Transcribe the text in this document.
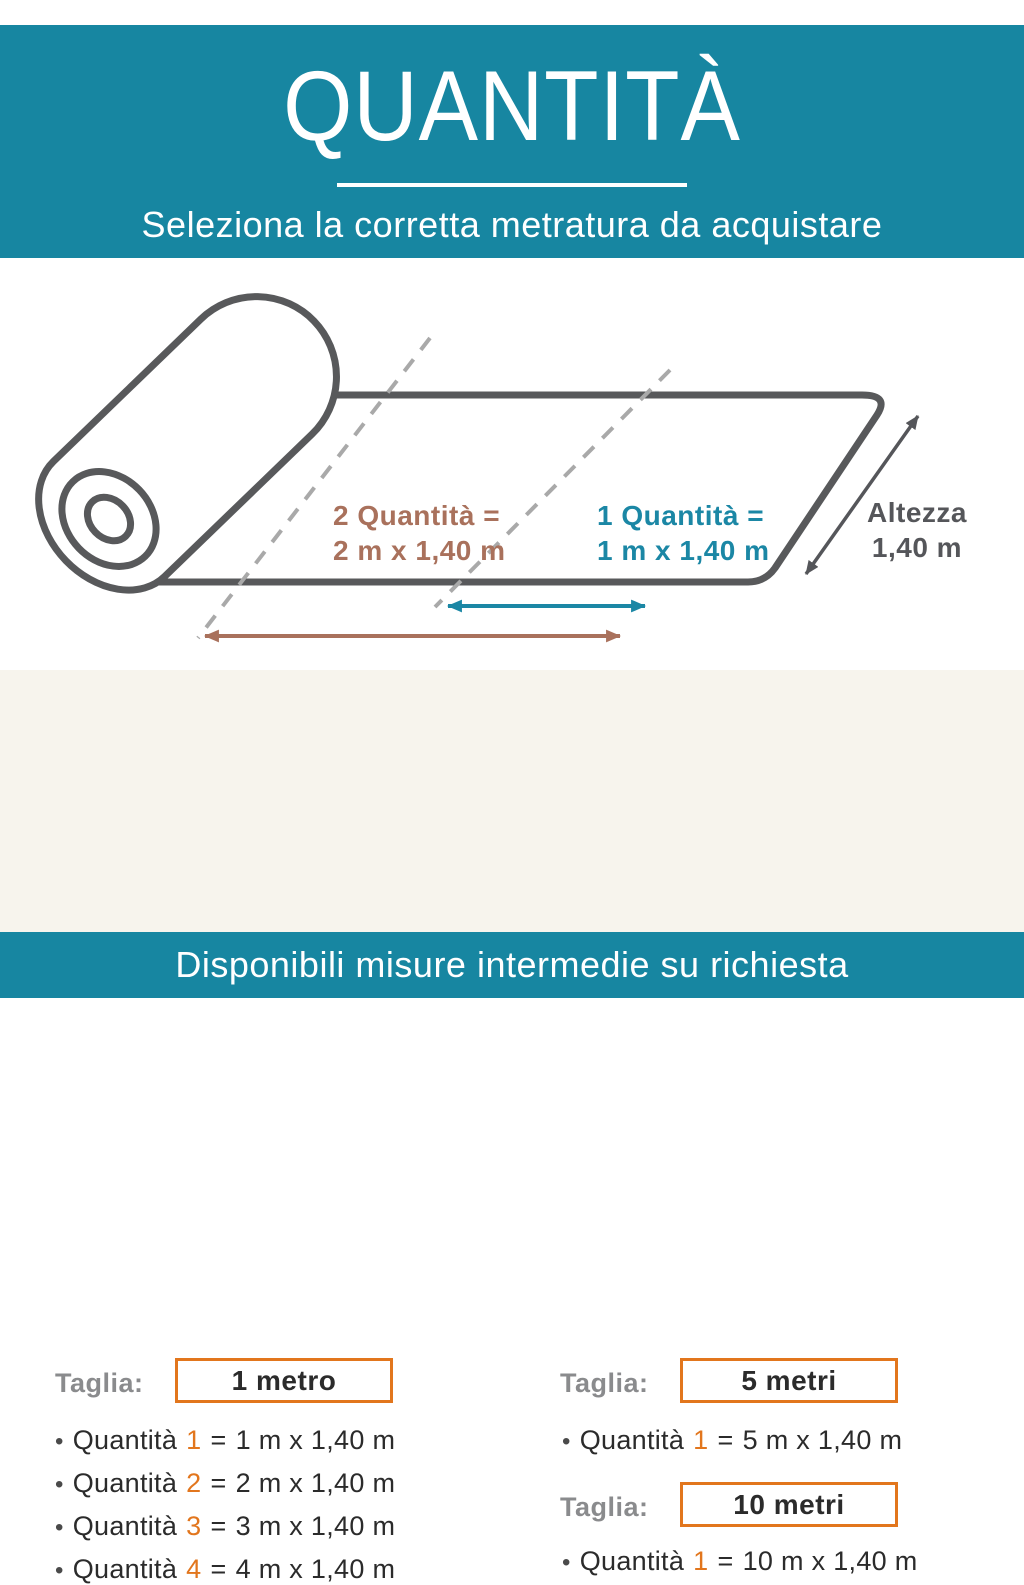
QUANTITÀ
Seleziona la corretta metratura da acquistare
2 Quantità =
2 m x 1,40 m
1 Quantità =
1 m x 1,40 m
Altezza
1,40 m
Taglia:	1 metro
• Quantità 1 = 1 m x 1,40 m
• Quantità 2 = 2 m x 1,40 m
• Quantità 3 = 3 m x 1,40 m
• Quantità 4 = 4 m x 1,40 m
Taglia:	5 metri
• Quantità 1 = 5 m x 1,40 m
Taglia:	10 metri
• Quantità 1 = 10 m x 1,40 m
Disponibili misure intermedie su richiesta
